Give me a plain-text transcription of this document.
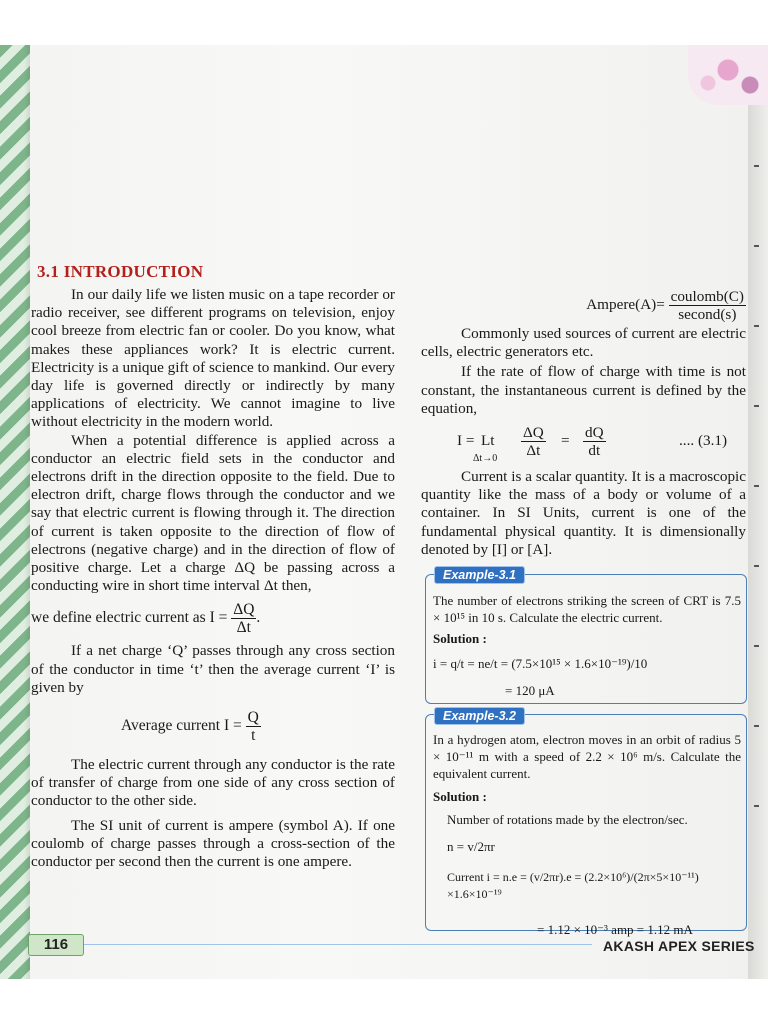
3.1 INTRODUCTION

In our daily life we listen music on a tape recorder or radio receiver, see different programs on television, enjoy cool breeze from electric fan or cooler. Do you know, what makes these appliances work? It is electric current. Electricity is a unique gift of science to mankind. Our every day life is governed directly or indirectly by many applications of electricity. We cannot imagine to live without electricity in the modern world.

When a potential difference is applied across a conductor an electric field sets in the conductor and electrons drift in the direction opposite to the field. Due to electron drift, charge flows through the conductor and we say that electric current is flowing through it. The direction of current is taken opposite to the direction of flow of electrons (negative charge) and in the direction of flow of positive charge. Let a charge ΔQ be passing across a conducting wire in short time interval Δt then,

we define electric current as $I = \frac{\Delta Q}{\Delta t}$ .

If a net charge ‘Q’ passes through any cross section of the conductor in time ‘t’ then the average current ‘I’ is given by

Average current $I = \frac{Q}{t}$

The electric current through any conductor is the rate of transfer of charge from one side of any cross section of conductor to the other side.

The SI unit of current is ampere (symbol A). If one coulomb of charge passes through a cross-section of the conductor per second then the current is one ampere.

Ampere(A)= $\frac{\text{coulomb(C)}}{\text{second(s)}}$

Commonly used sources of current are electric cells, electric generators etc.

If the rate of flow of charge with time is not constant, the instantaneous current is defined by the equation,

I = Lt
$\Delta t\to 0 \frac{\Delta Q}{\Delta t} = \frac{dQ}{dt}$	.... (3.1)

Current is a scalar quantity. It is a macroscopic quantity like the mass of a body or volume of a container. In SI Units, current is one of the fundamental physical quantity. It is dimensionally denoted by [I] or [A].

Example-3.1
The number of electrons striking the screen of CRT is 7.5 × 10¹⁵ in 10 s. Calculate the electric current.
Solution :
i = q/t = ne/t = (7.5×10¹⁵ × 1.6×10⁻¹⁹)/10
= 120 μA
Example-3.2
In a hydrogen atom, electron moves in an orbit of radius 5 × 10⁻¹¹ m with a speed of 2.2 × 10⁶ m/s. Calculate the equivalent current.
Solution :
Number of rotations made by the electron/sec.
n = v/2πr
Current i = n.e = (v/2πr).e = (2.2×10⁶)/(2π×5×10⁻¹¹) ×1.6×10⁻¹⁹
= 1.12 × 10⁻³ amp = 1.12 mA
116	AKASH APEX SERIES
